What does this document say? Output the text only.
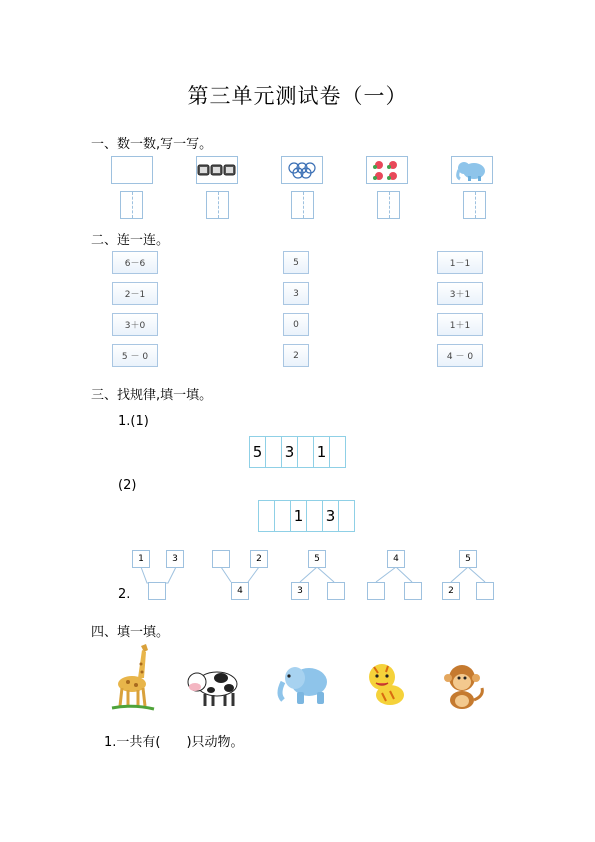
第三单元测试卷（一）
一、数一数,写一写。
二、连一连。
6－6
2－1
3＋0
5 － 0
5
3
0
2
1－1
3＋1
1＋1
4 － 0
三、找规律,填一填。
1.(1)
5 3 1
(2)
1 3
2.
1	3	2
4
5
3
4	5
2
四、填一填。
1.一共有(　　)只动物。
